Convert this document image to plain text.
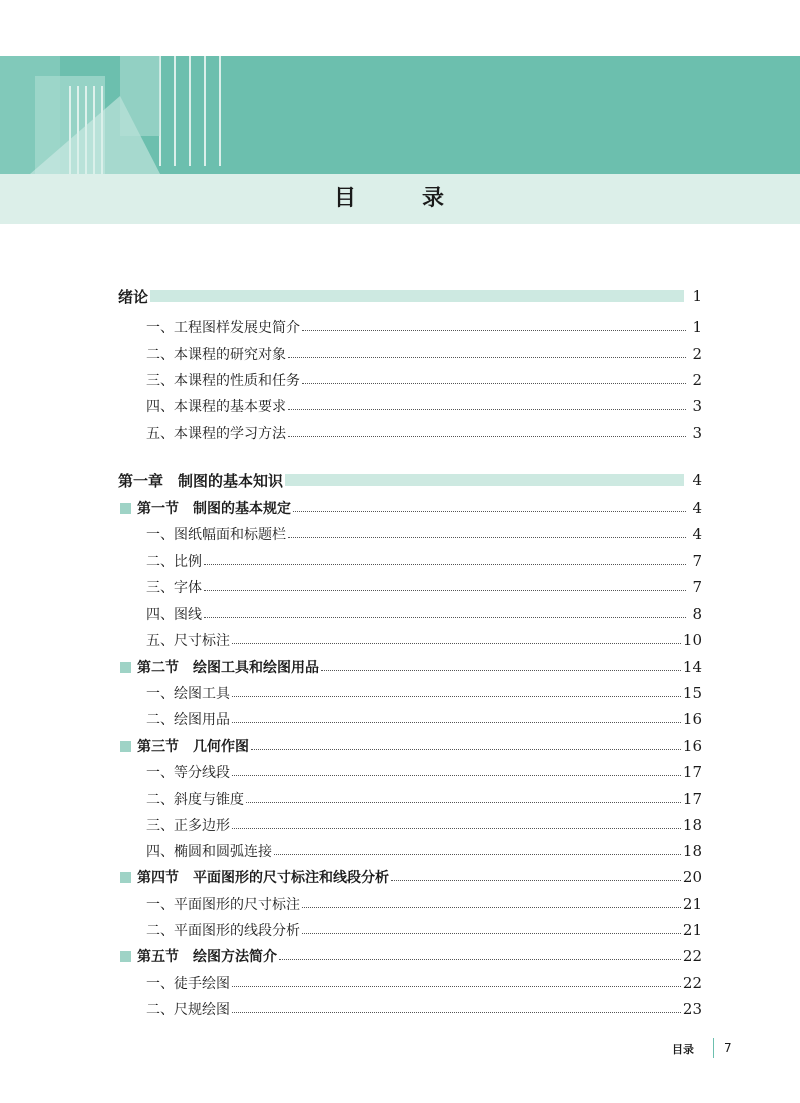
目　录
绪论	1
一、工程图样发展史简介	1
二、本课程的研究对象	2
三、本课程的性质和任务	2
四、本课程的基本要求	3
五、本课程的学习方法	3
第一章　制图的基本知识	4
第一节　制图的基本规定	4
一、图纸幅面和标题栏	4
二、比例	7
三、字体	7
四、图线	8
五、尺寸标注	10
第二节　绘图工具和绘图用品	14
一、绘图工具	15
二、绘图用品	16
第三节　几何作图	16
一、等分线段	17
二、斜度与锥度	17
三、正多边形	18
四、椭圆和圆弧连接	18
第四节　平面图形的尺寸标注和线段分析	20
一、平面图形的尺寸标注	21
二、平面图形的线段分析	21
第五节　绘图方法简介	22
一、徒手绘图	22
二、尺规绘图	23
目录	7
